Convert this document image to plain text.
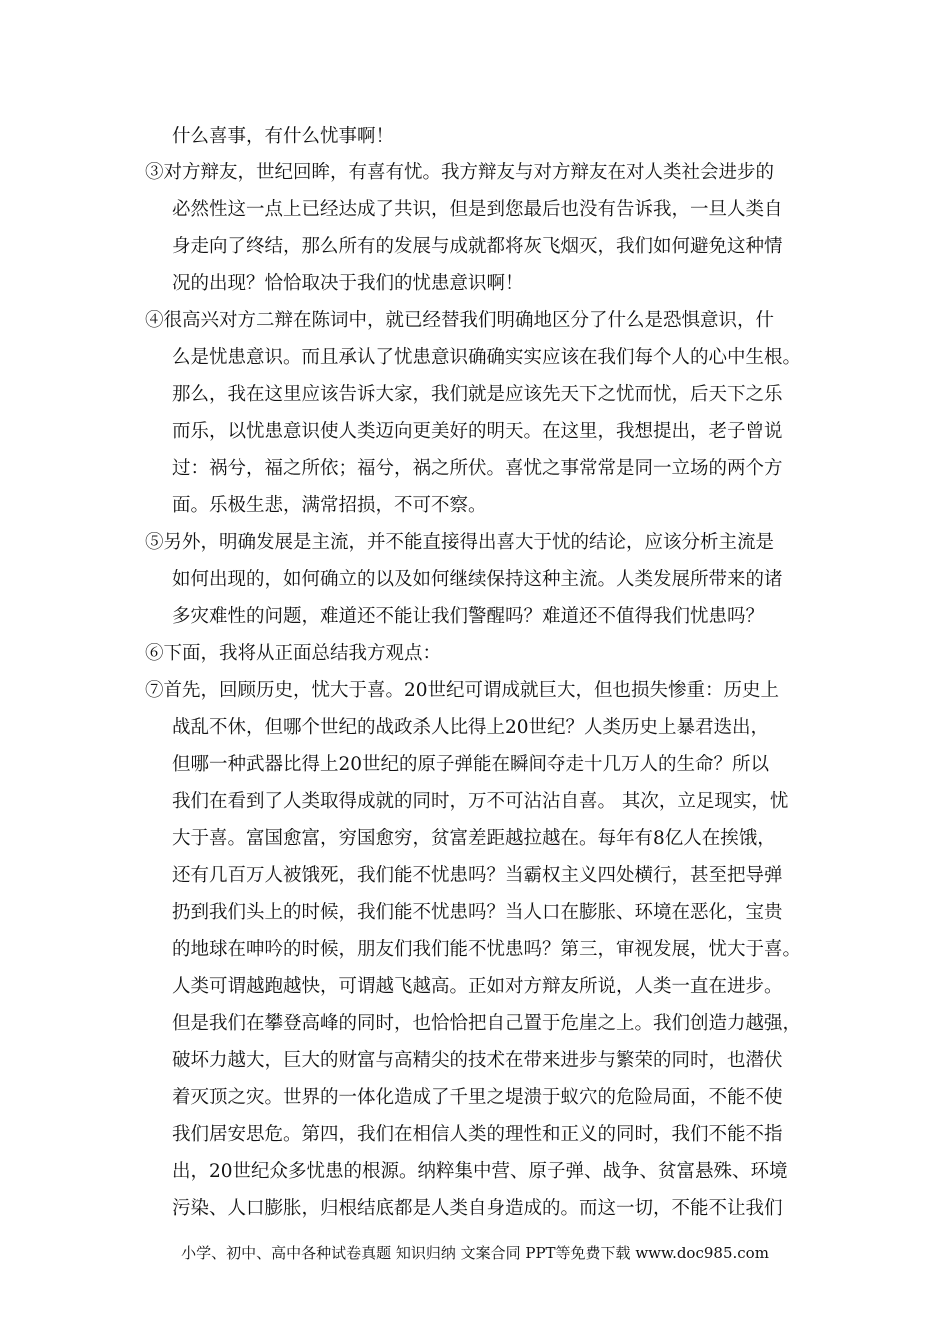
什么喜事，有什么忧事啊！
③对方辩友，世纪回眸，有喜有忧。我方辩友与对方辩友在对人类社会进步的
必然性这一点上已经达成了共识，但是到您最后也没有告诉我，一旦人类自
身走向了终结，那么所有的发展与成就都将灰飞烟灭，我们如何避免这种情
况的出现？恰恰取决于我们的忧患意识啊！
④很高兴对方二辩在陈词中，就已经替我们明确地区分了什么是恐惧意识，什
么是忧患意识。而且承认了忧患意识确确实实应该在我们每个人的心中生根。
那么，我在这里应该告诉大家，我们就是应该先天下之忧而忧，后天下之乐
而乐，以忧患意识使人类迈向更美好的明天。在这里，我想提出，老子曾说
过：祸兮，福之所依；福兮，祸之所伏。喜忧之事常常是同一立场的两个方
面。乐极生悲，满常招损，不可不察。
⑤另外，明确发展是主流，并不能直接得出喜大于忧的结论，应该分析主流是
如何出现的，如何确立的以及如何继续保持这种主流。人类发展所带来的诸
多灾难性的问题，难道还不能让我们警醒吗？难道还不值得我们忧患吗？
⑥下面，我将从正面总结我方观点：
⑦首先，回顾历史，忧大于喜。20世纪可谓成就巨大，但也损失惨重：历史上
战乱不休，但哪个世纪的战政杀人比得上20世纪？人类历史上暴君迭出，
但哪一种武器比得上20世纪的原子弹能在瞬间夺走十几万人的生命？所以
我们在看到了人类取得成就的同时，万不可沾沾自喜。 其次，立足现实，忧
大于喜。富国愈富，穷国愈穷，贫富差距越拉越在。每年有8亿人在挨饿，
还有几百万人被饿死，我们能不忧患吗？当霸权主义四处横行，甚至把导弹
扔到我们头上的时候，我们能不忧患吗？当人口在膨胀、环境在恶化，宝贵
的地球在呻吟的时候，朋友们我们能不忧患吗？第三，审视发展，忧大于喜。
人类可谓越跑越快，可谓越飞越高。正如对方辩友所说，人类一直在进步。
但是我们在攀登高峰的同时，也恰恰把自己置于危崖之上。我们创造力越强，
破坏力越大，巨大的财富与高精尖的技术在带来进步与繁荣的同时，也潜伏
着灭顶之灾。世界的一体化造成了千里之堤溃于蚁穴的危险局面，不能不使
我们居安思危。第四，我们在相信人类的理性和正义的同时，我们不能不指
出，20世纪众多忧患的根源。纳粹集中营、原子弹、战争、贫富悬殊、环境
污染、人口膨胀，归根结底都是人类自身造成的。而这一切，不能不让我们
小学、初中、高中各种试卷真题 知识归纳 文案合同 PPT等免费下载 www.doc985.com
